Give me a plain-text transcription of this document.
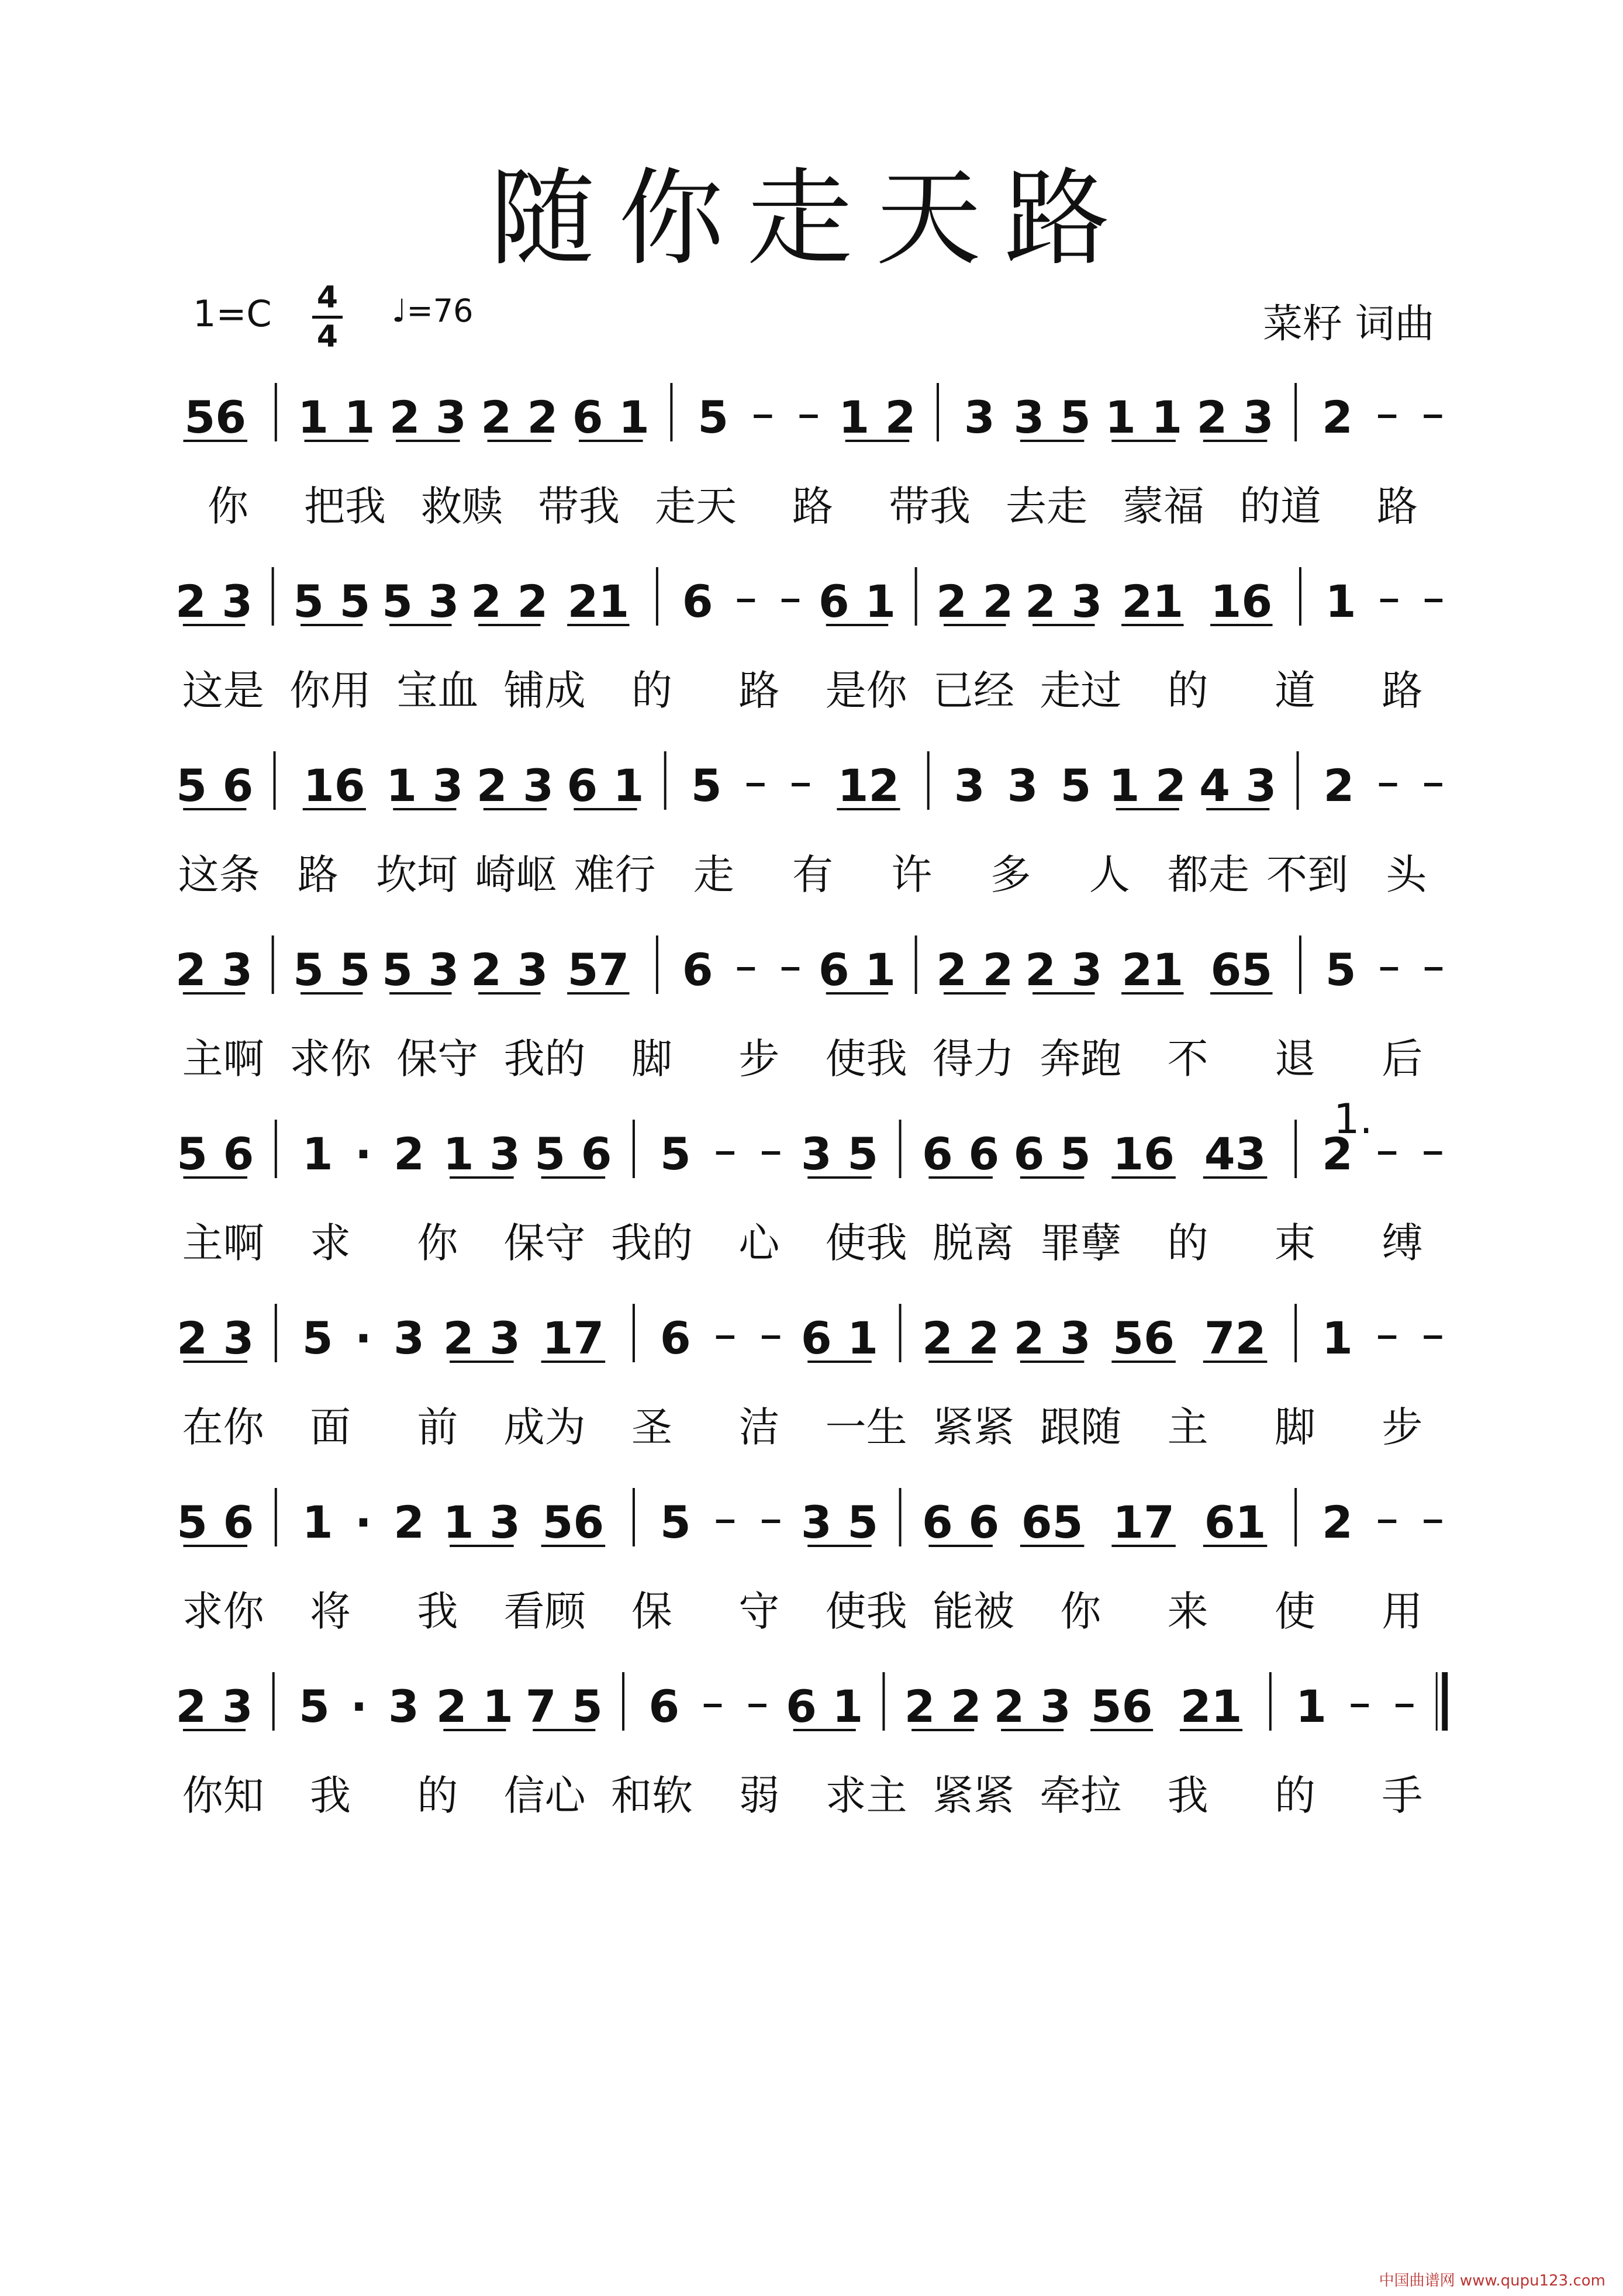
随你走天路
1=C 4
4
♩=76	菜籽 词曲
56 1 1 2 3 2 2 6 1 5 1 2 3 3 5 1 1 2 3 2
你 把我 救赎 带我 走天 路 带我 去走 蒙福 的道 路
2 3 5 5 5 3 2 2 21 6 6 1 2 2 2 3 21 16 1
这是 你用 宝血 铺成 的 路 是你 已经 走过 的 道 路
5 6 16 1 3 2 3 6 1 5	12 3 3 5 1 2 4 3 2
这条 路 坎坷 崎岖 难行 走 有 许 多 人 都走 不到 头
2 3 5 5 5 3 2 3 57 6 6 1 2 2 2 3 21 65 5
主啊 求你 保守 我的 脚 步 使我 得力 奔跑 不 退 后
5 6 1 · 2 1 3 5 6 5 3 5 6 6 6 5 16 43 2
1.
主啊 求 你 保守 我的 心 使我 脱离 罪孽 的 束 缚
2 3 5 · 3 2 3 17 6 6 1 2 2 2 3 56 72 1
在你 面 前 成为 圣 洁 一生 紧紧 跟随 主 脚 步
5 6 1 · 2 1 3 56 5 3 5 6 6 65 17 61 2
求你 将 我 看顾 保 守 使我 能被 你 来 使 用
2 3 5 · 3 2 1 7 5 6 6 1 2 2 2 3 56 21 1
你知 我 的 信心 和软 弱 求主 紧紧 牵拉 我 的 手
中国曲谱网 www.qupu123.com
